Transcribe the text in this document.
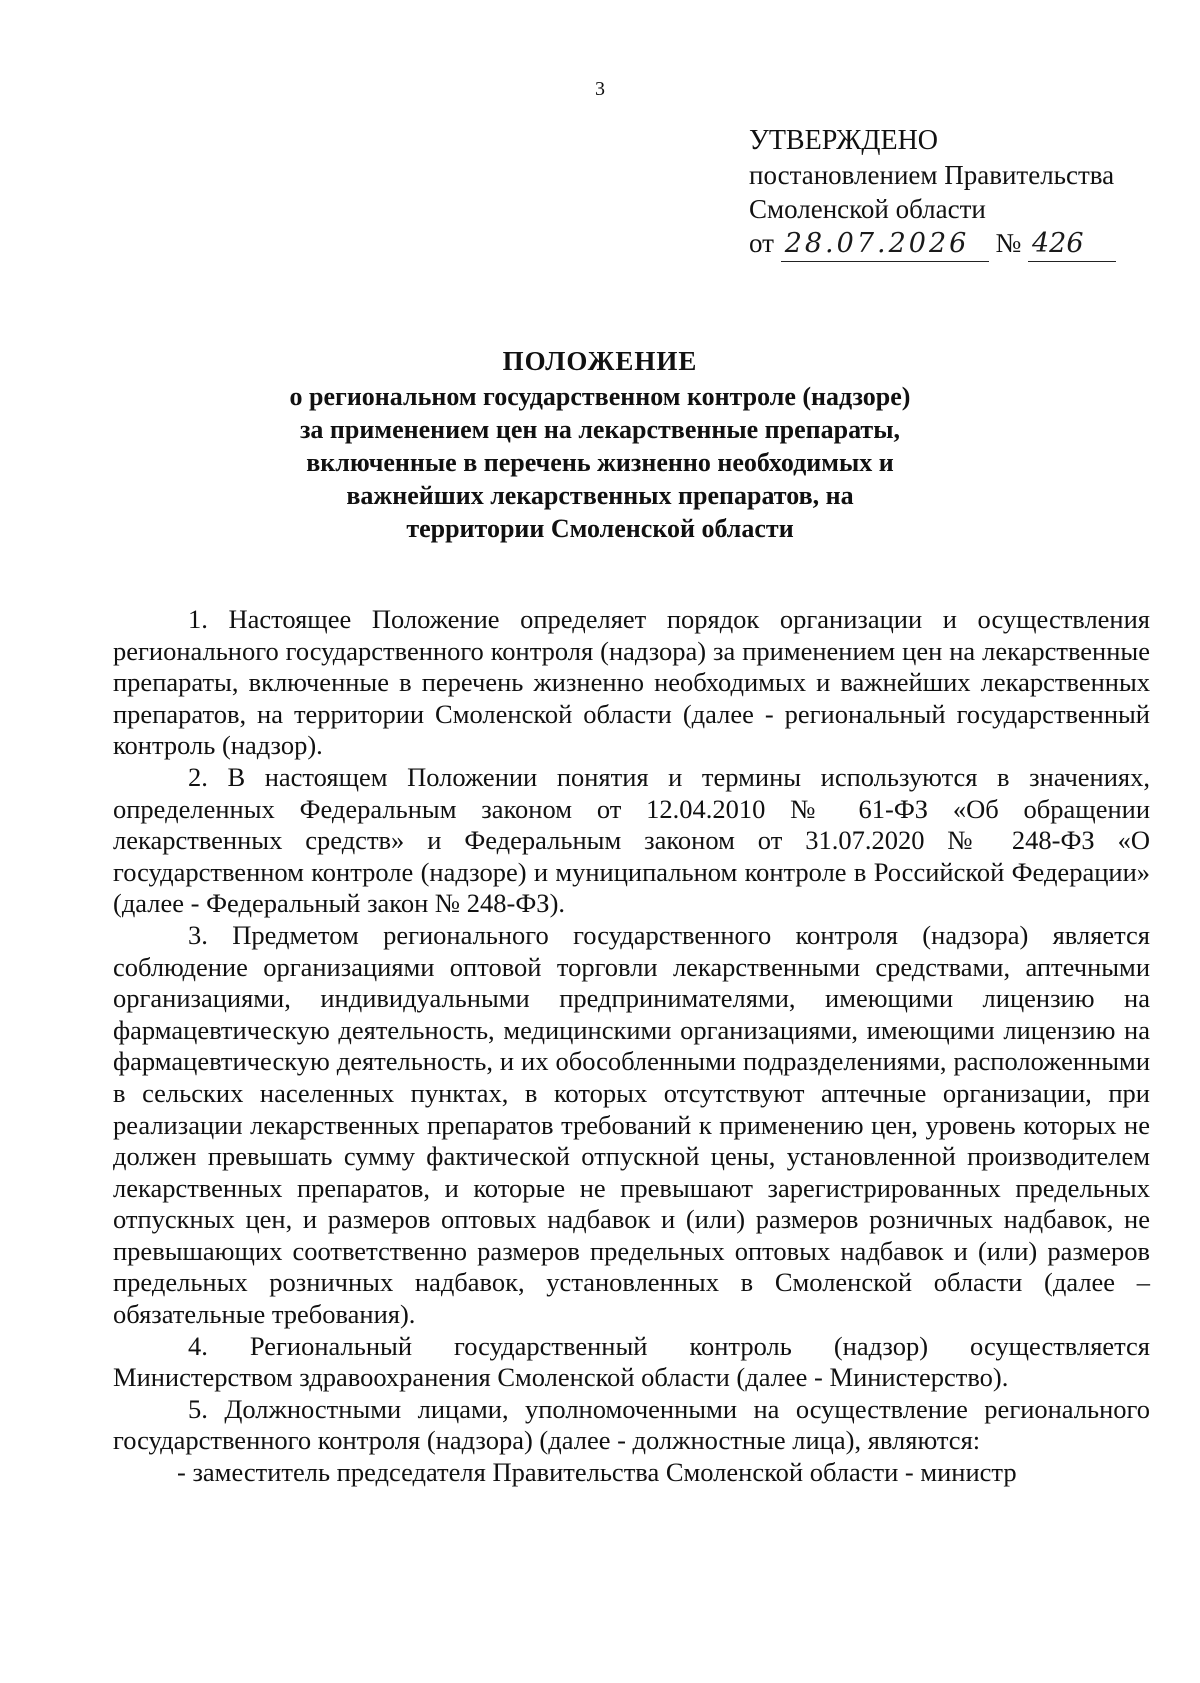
3
УТВЕРЖДЕНО
постановлением Правительства
Смоленской области
от 28.07.2026 № 426
ПОЛОЖЕНИЕ
о региональном государственном контроле (надзоре)
за применением цен на лекарственные препараты,
включенные в перечень жизненно необходимых и
важнейших лекарственных препаратов, на
территории Смоленской области

1. Настоящее Положение определяет порядок организации и осуществления регионального государственного контроля (надзора) за применением цен на лекарственные препараты, включенные в перечень жизненно необходимых и важнейших лекарственных препаратов, на территории Смоленской области (далее - региональный государственный контроль (надзор).

2. В настоящем Положении понятия и термины используются в значениях, определенных Федеральным законом от 12.04.2010 № 61-ФЗ «Об обращении лекарственных средств» и Федеральным законом от 31.07.2020 № 248-ФЗ «О государственном контроле (надзоре) и муниципальном контроле в Российской Федерации» (далее - Федеральный закон № 248-ФЗ).

3. Предметом регионального государственного контроля (надзора) является соблюдение организациями оптовой торговли лекарственными средствами, аптечными организациями, индивидуальными предпринимателями, имеющими лицензию на фармацевтическую деятельность, медицинскими организациями, имеющими лицензию на фармацевтическую деятельность, и их обособленными подразделениями, расположенными в сельских населенных пунктах, в которых отсутствуют аптечные организации, при реализации лекарственных препаратов требований к применению цен, уровень которых не должен превышать сумму фактической отпускной цены, установленной производителем лекарственных препаратов, и которые не превышают зарегистрированных предельных отпускных цен, и размеров оптовых надбавок и (или) размеров розничных надбавок, не превышающих соответственно размеров предельных оптовых надбавок и (или) размеров предельных розничных надбавок, установленных в Смоленской области (далее – обязательные требования).

4. Региональный государственный контроль (надзор) осуществляется Министерством здравоохранения Смоленской области (далее - Министерство).

5. Должностными лицами, уполномоченными на осуществление регионального государственного контроля (надзора) (далее - должностные лица), являются:

- заместитель председателя Правительства Смоленской области - министр
